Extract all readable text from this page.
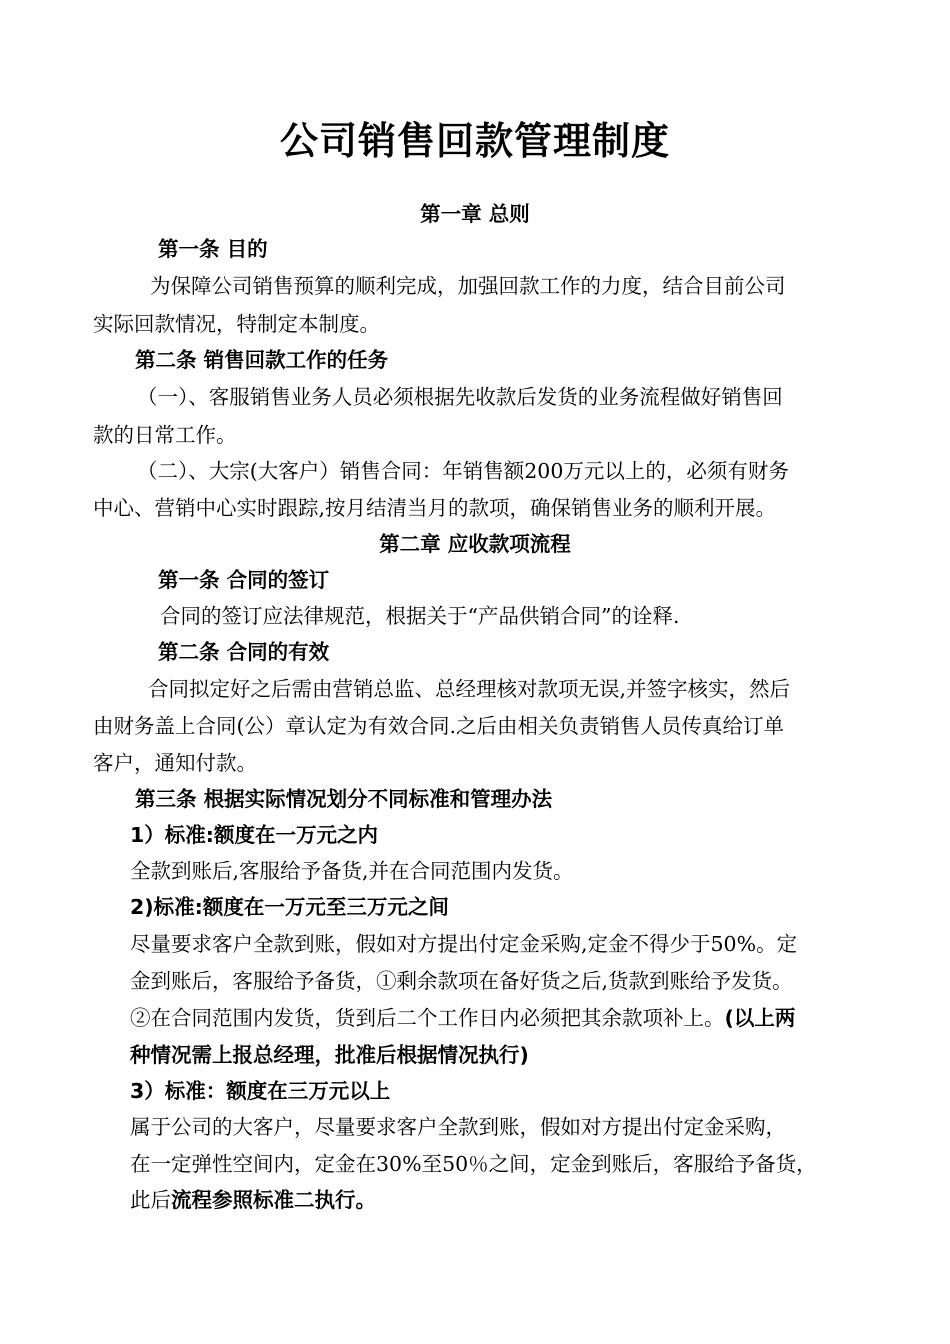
公司销售回款管理制度

第一章 总则

第一条 目的

为保障公司销售预算的顺利完成，加强回款工作的力度，结合目前公司

实际回款情况，特制定本制度。

第二条 销售回款工作的任务

（一）、客服销售业务人员必须根据先收款后发货的业务流程做好销售回

款的日常工作。

（二）、大宗(大客户）销售合同：年销售额200万元以上的，必须有财务

中心、营销中心实时跟踪,按月结清当月的款项，确保销售业务的顺利开展。

第二章 应收款项流程

第一条 合同的签订

合同的签订应法律规范，根据关于“产品供销合同”的诠释.

第二条 合同的有效

合同拟定好之后需由营销总监、总经理核对款项无误,并签字核实，然后

由财务盖上合同(公）章认定为有效合同.之后由相关负责销售人员传真给订单

客户，通知付款。

第三条 根据实际情况划分不同标准和管理办法

1）标准:额度在一万元之内

全款到账后,客服给予备货,并在合同范围内发货。

2)标准:额度在一万元至三万元之间

尽量要求客户全款到账，假如对方提出付定金采购,定金不得少于50%。定

金到账后，客服给予备货，①剩余款项在备好货之后,货款到账给予发货。

②在合同范围内发货，货到后二个工作日内必须把其余款项补上。(以上两

种情况需上报总经理，批准后根据情况执行)

3）标准：额度在三万元以上

属于公司的大客户，尽量要求客户全款到账，假如对方提出付定金采购，

在一定弹性空间内，定金在30%至50％之间，定金到账后，客服给予备货，

此后流程参照标准二执行。
